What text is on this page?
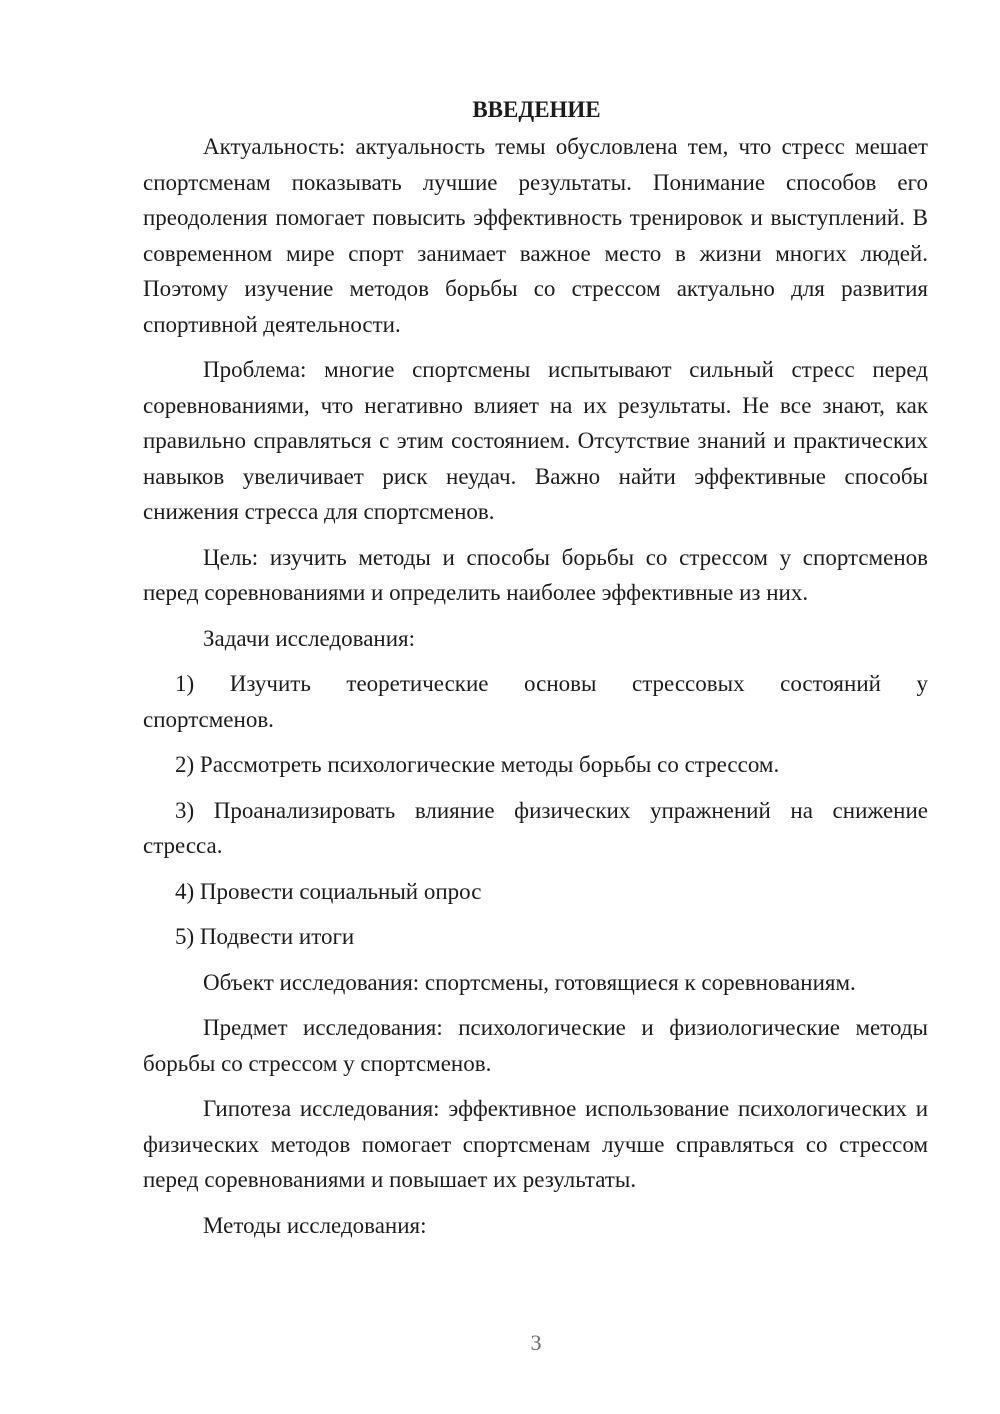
ВВЕДЕНИЕ

Актуальность: актуальность темы обусловлена тем, что стресс мешает спортсменам показывать лучшие результаты. Понимание способов его преодоления помогает повысить эффективность тренировок и выступлений. В современном мире спорт занимает важное место в жизни многих людей. Поэтому изучение методов борьбы со стрессом актуально для развития спортивной деятельности.

Проблема: многие спортсмены испытывают сильный стресс перед соревнованиями, что негативно влияет на их результаты. Не все знают, как правильно справляться с этим состоянием. Отсутствие знаний и практических навыков увеличивает риск неудач. Важно найти эффективные способы снижения стресса для спортсменов.

Цель: изучить методы и способы борьбы со стрессом у спортсменов перед соревнованиями и определить наиболее эффективные из них.

Задачи исследования:

1) Изучить теоретические основы стрессовых состояний у спортсменов.

2) Рассмотреть психологические методы борьбы со стрессом.

3) Проанализировать влияние физических упражнений на снижение стресса.

4) Провести социальный опрос

5) Подвести итоги

Объект исследования: спортсмены, готовящиеся к соревнованиям.

Предмет исследования: психологические и физиологические методы борьбы со стрессом у спортсменов.

Гипотеза исследования: эффективное использование психологических и физических методов помогает спортсменам лучше справляться со стрессом перед соревнованиями и повышает их результаты.

Методы исследования:

3
